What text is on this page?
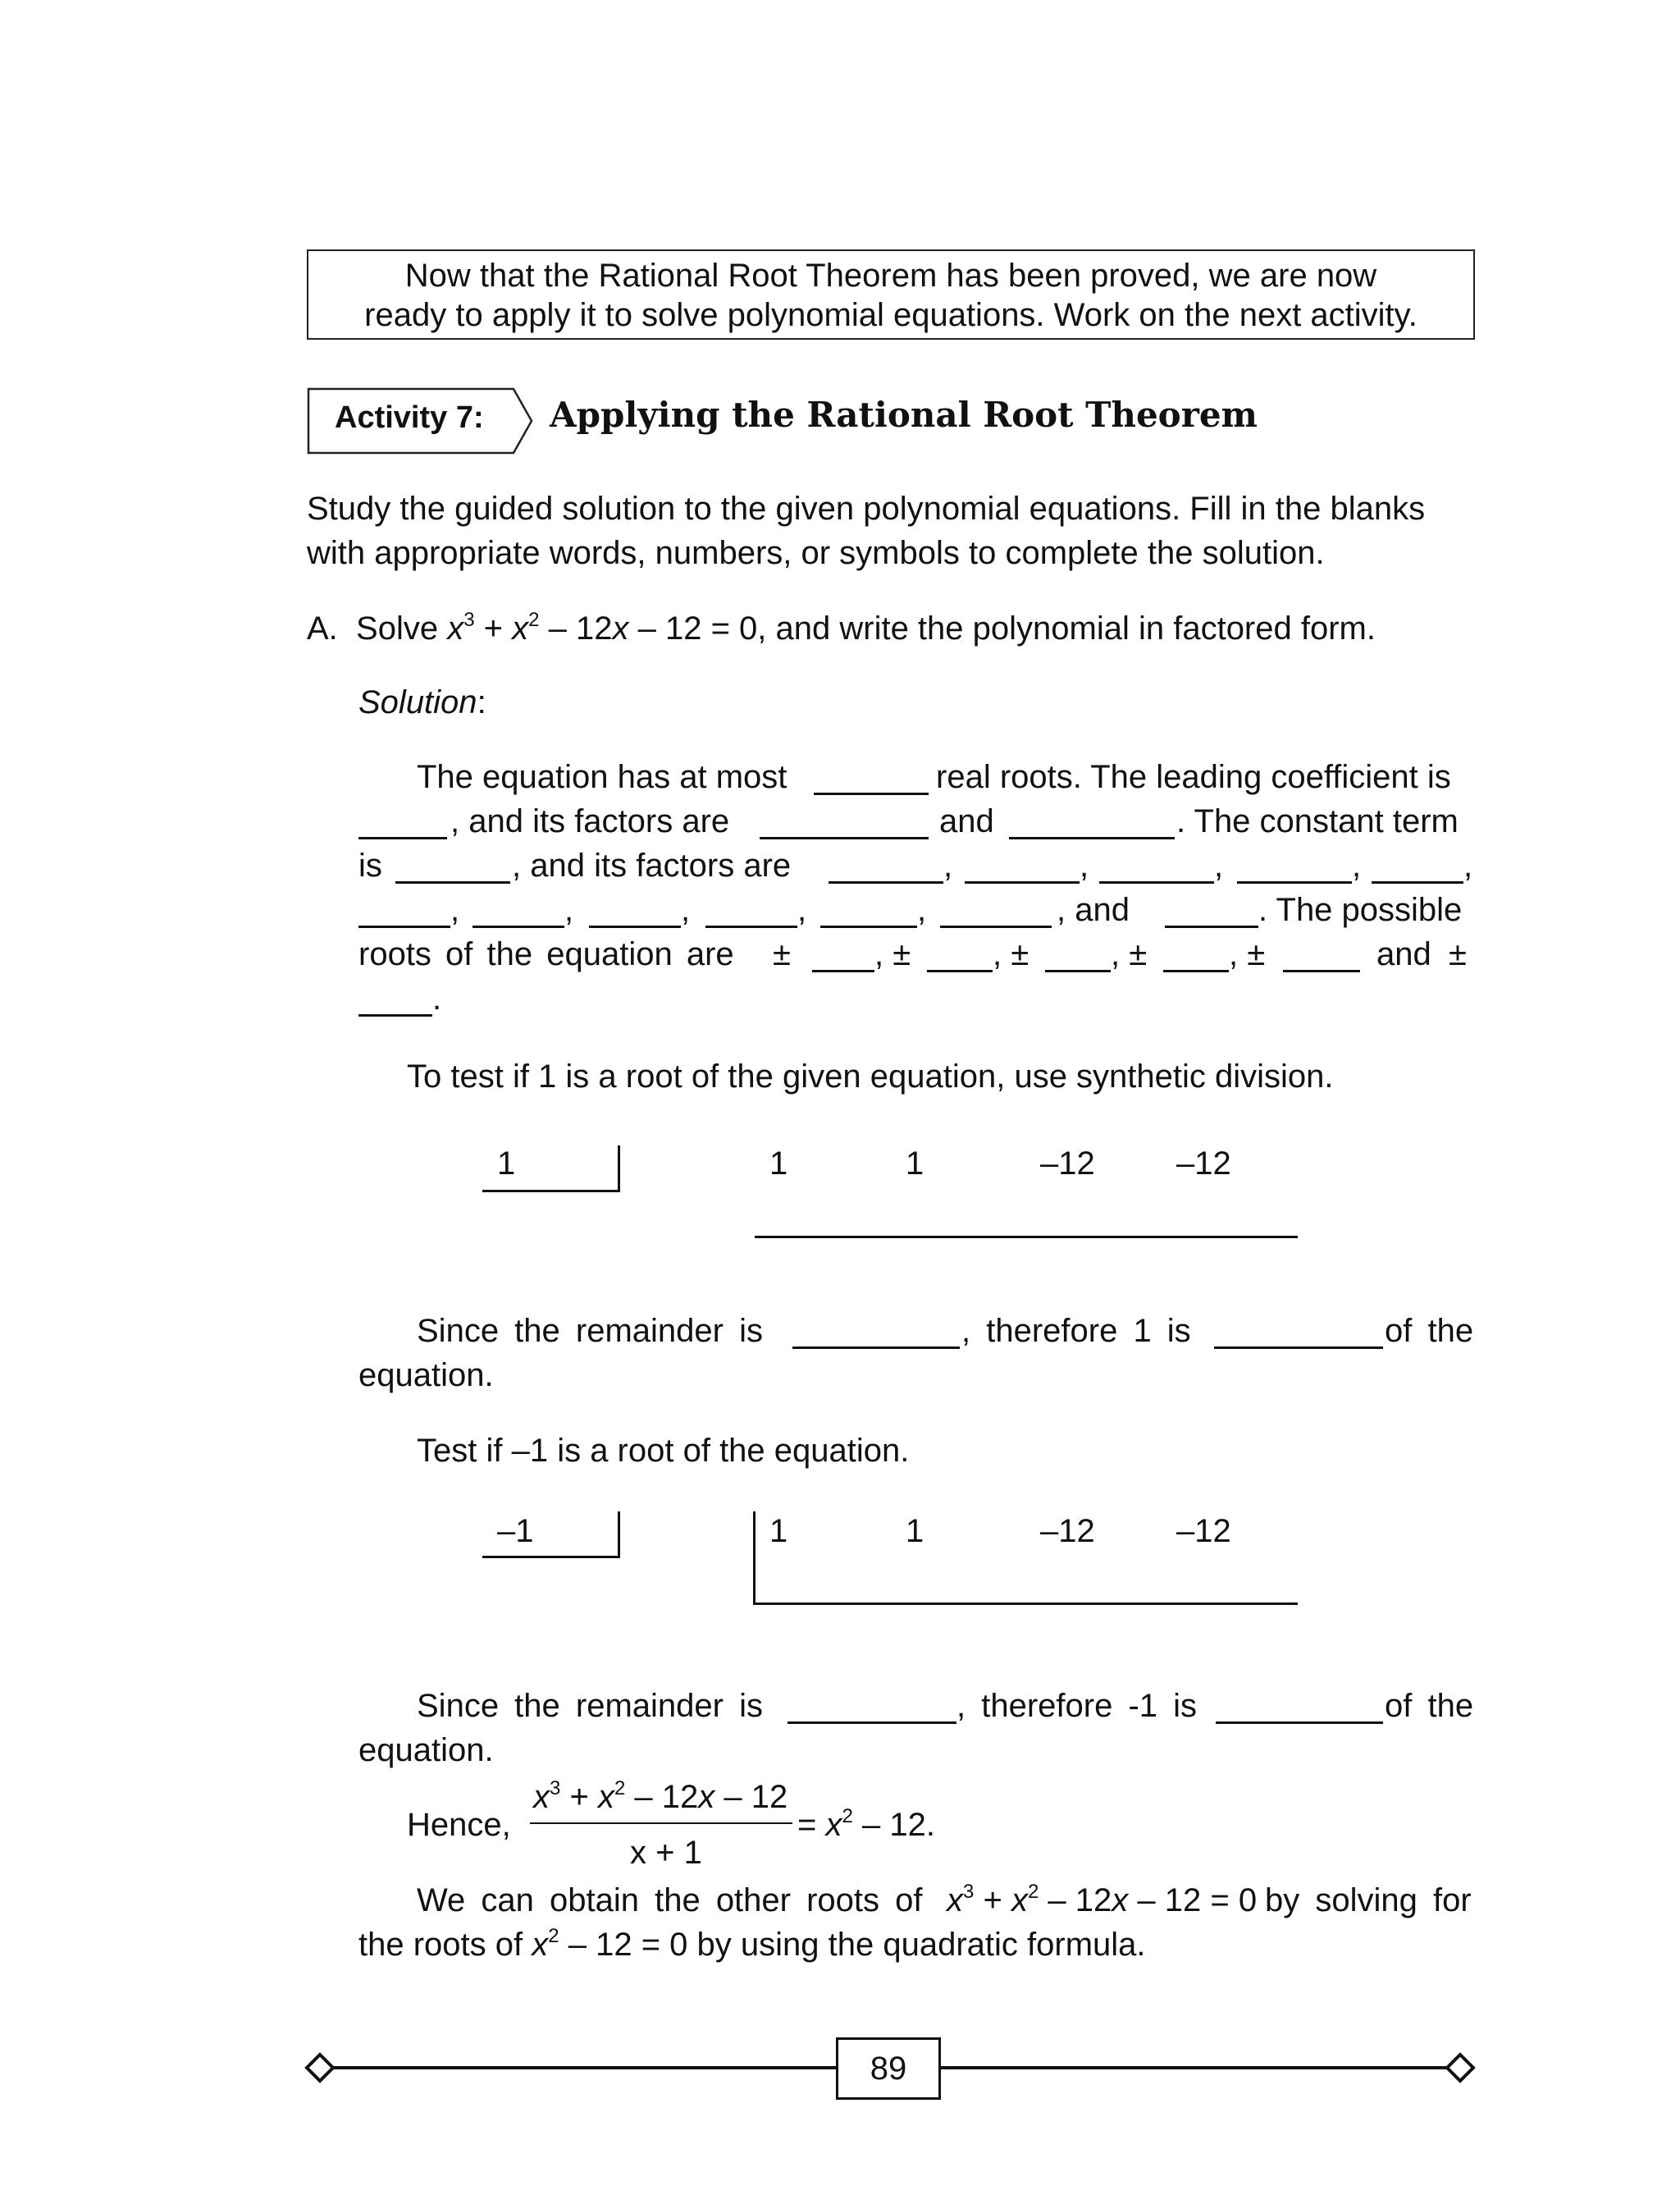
Now that the Rational Root Theorem has been proved, we are now
ready to apply it to solve polynomial equations. Work on the next activity.
Activity 7: Applying the Rational Root Theorem
Study the guided solution to the given polynomial equations. Fill in the blanks
with appropriate words, numbers, or symbols to complete the solution.
A. Solve $x^3 + x^2 - 12x - 12 = 0$, and write the polynomial in factored form.
Solution:
The equation has at most	real roots. The leading coefficient is
, and its factors are	and	. The constant term
is	, and its factors are	,	,	,	,	,
,	,	,	,	,	, and	. The possible
roots of the equation are ±	, ± , ± , ± , ±	and ±
.
To test if 1 is a root of the given equation, use synthetic division.
1	1	1	–12 –12
Since the remainder is	, therefore 1 is	of the
equation.
Test if –1 is a root of the equation.
–1	1	1	–12 –12
Since the remainder is	, therefore -1 is	of the
equation.
Hence,
$x^3 + x^2 - 12x - 12$
x + 1
= $x^2 - 12$.
We can obtain the other roots of $x^3 + x^2 - 12x - 12 = 0$ by solving for
the roots of $x^2 - 12 = 0$ by using the quadratic formula.
89
